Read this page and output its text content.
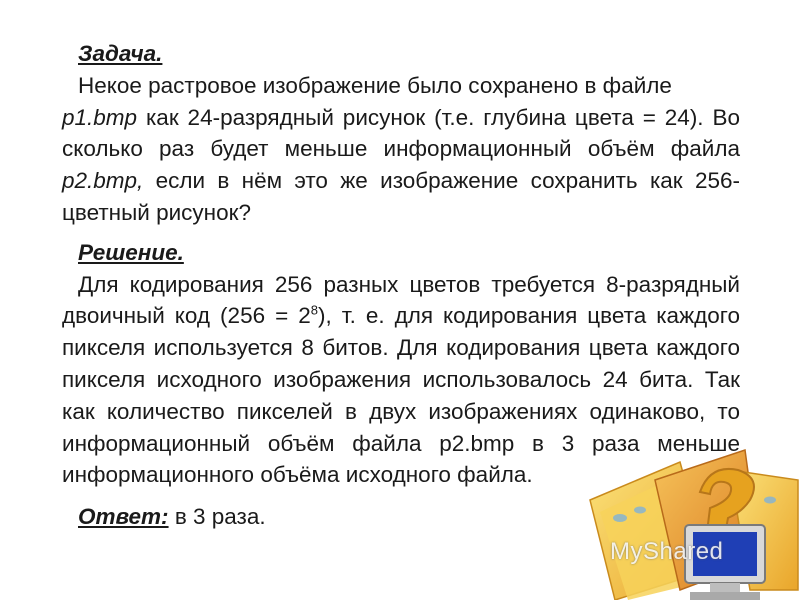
Задача.

Некое растровое изображение было сохранено в файле
p1.bmp как 24-разрядный рисунок (т.е. глубина цвета = 24). Во сколько раз будет меньше информационный объём файла p2.bmp, если в нём это же изображение сохранить как 256-цветный рисунок?

Решение.

Для кодирования 256 разных цветов требуется 8-разрядный двоичный код $(256 = 2^8)$, т. е. для кодирования цвета каждого пикселя используется 8 битов. Для кодирования цвета каждого пикселя исходного изображения использовалось 24 бита. Так как количество пикселей в двух изображениях одинаково, то информационный объём файла p2.bmp в 3 раза меньше информационного объёма исходного файла.

Ответ: в 3 раза.
MyShared
